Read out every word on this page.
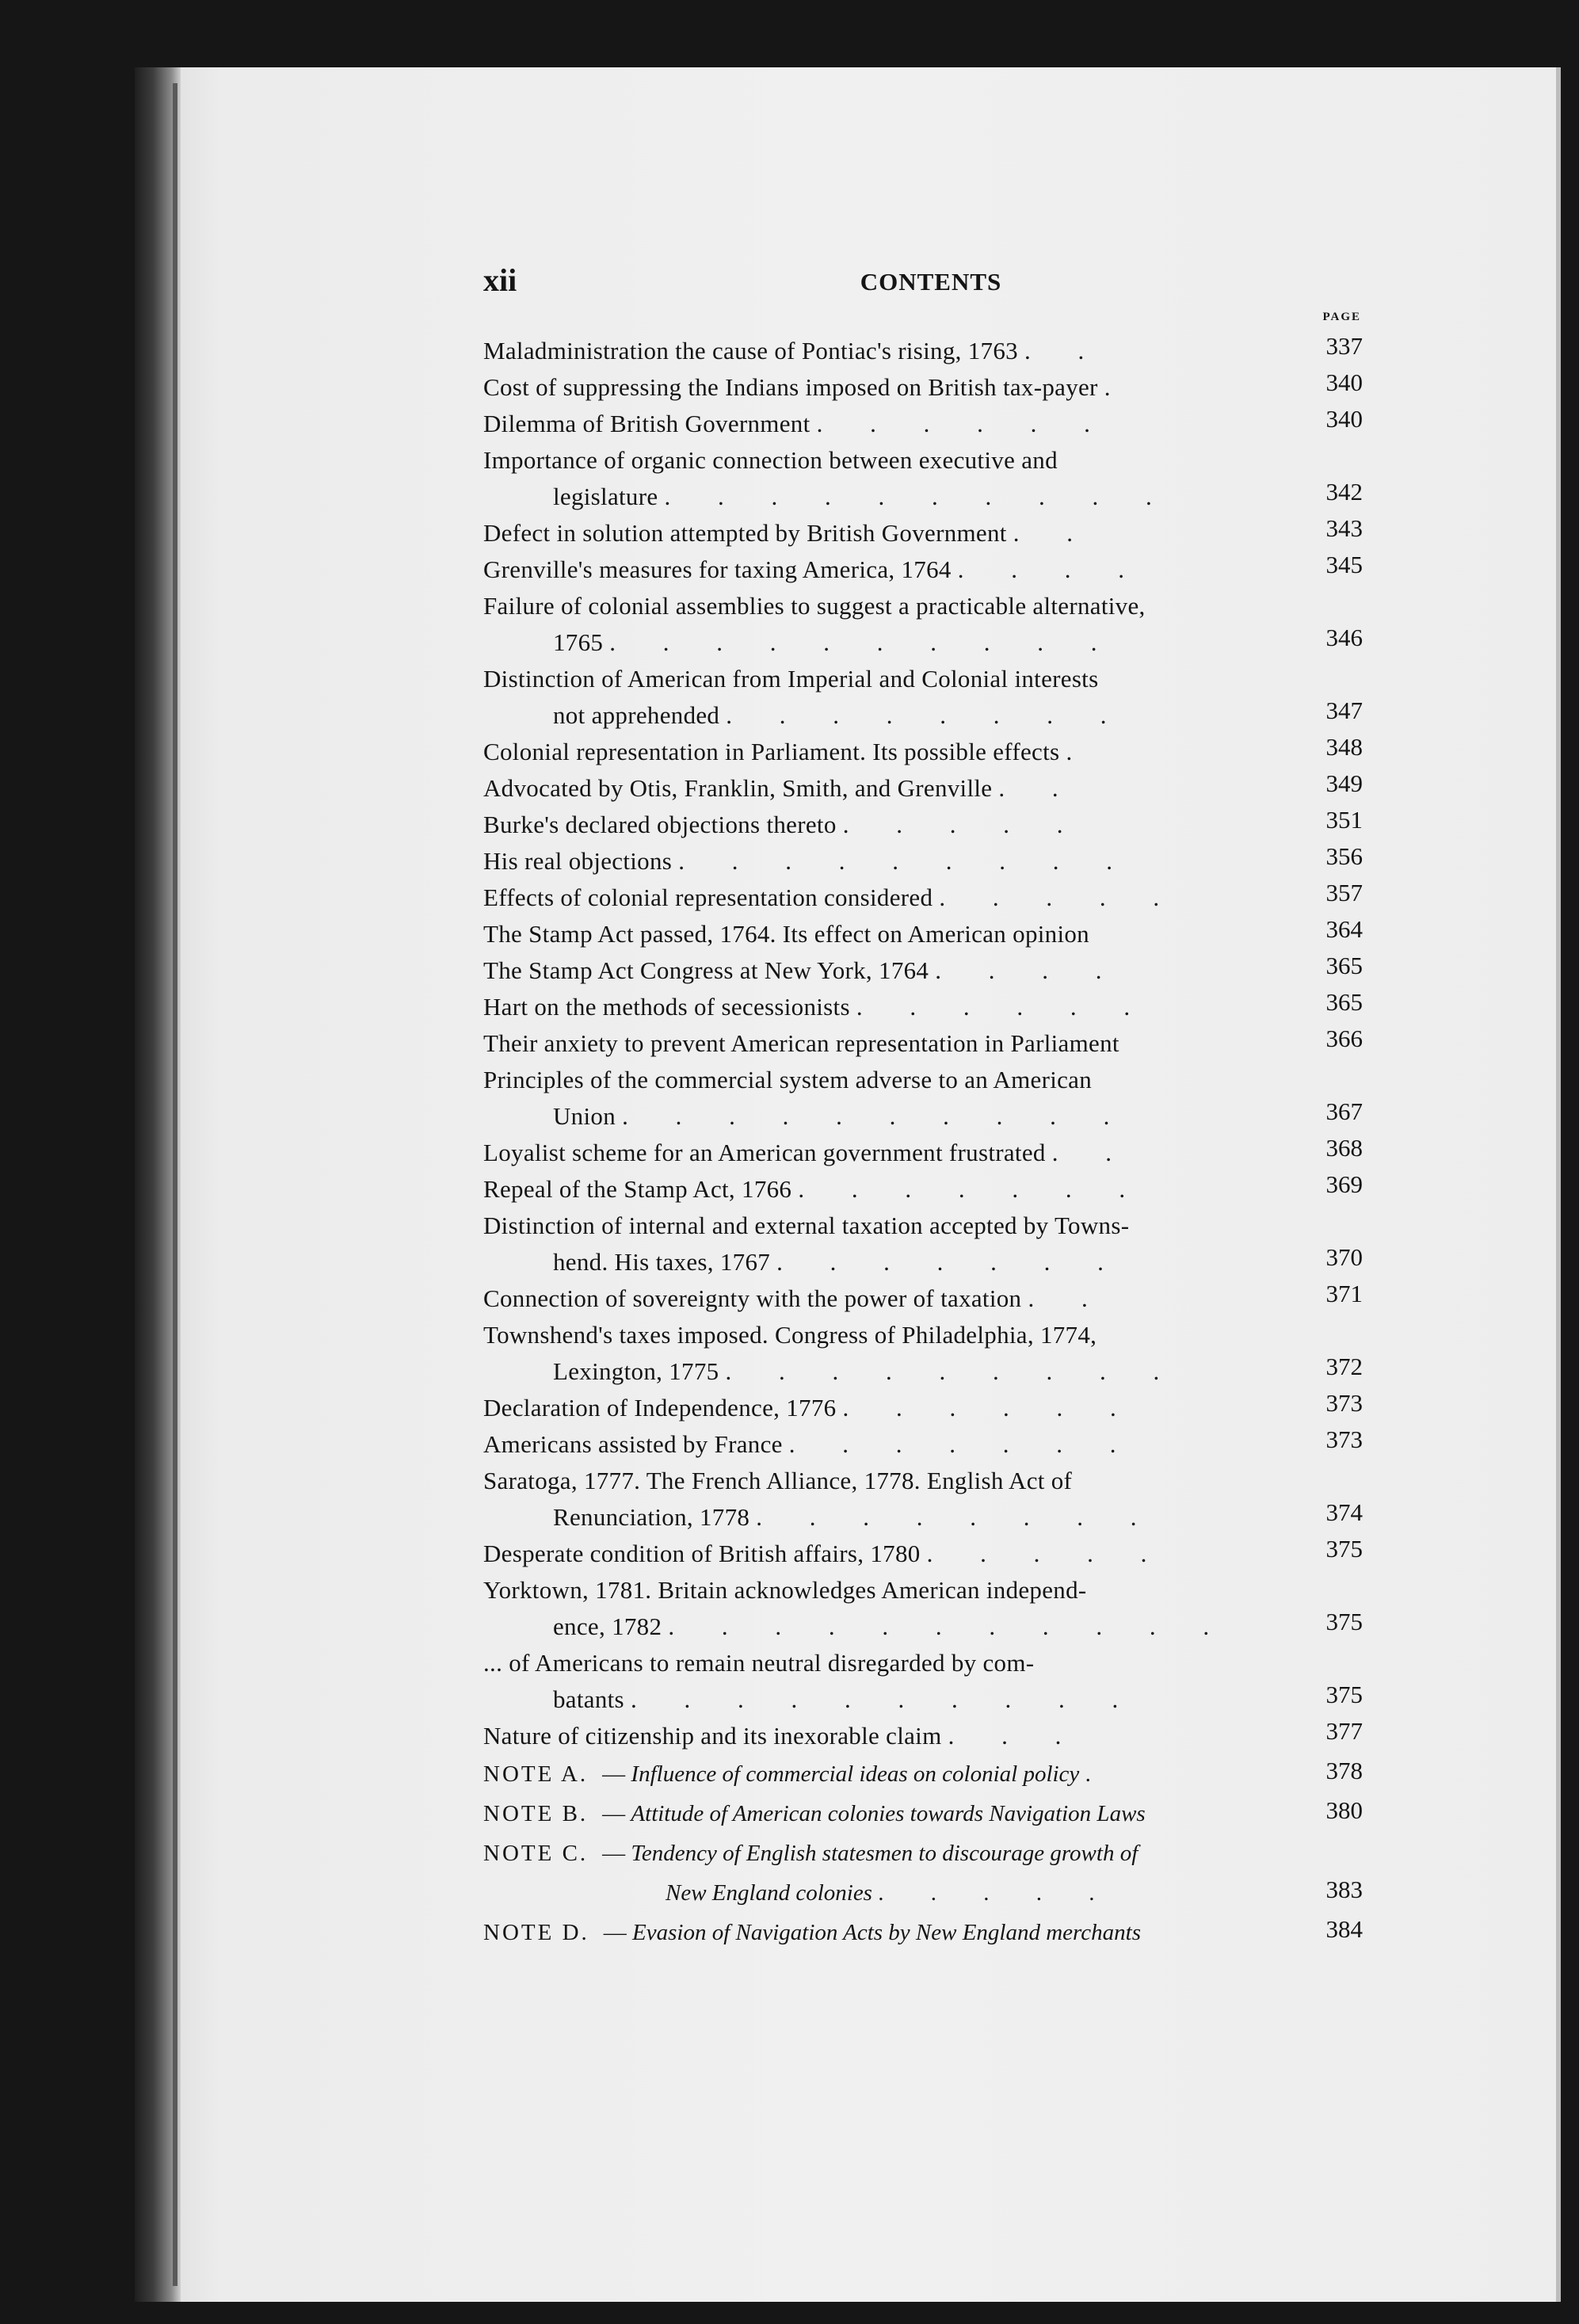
xii	CONTENTS
PAGE
Maladministration the cause of Pontiac's rising, 1763 . .	337
Cost of suppressing the Indians imposed on British tax-payer .	340
Dilemma of British Government . . . . . .	340
Importance of organic connection between executive and
legislature . . . . . . . . . .	342
Defect in solution attempted by British Government . .	343
Grenville's measures for taxing America, 1764 . . . .	345
Failure of colonial assemblies to suggest a practicable alternative,
1765 . . . . . . . . . .	346
Distinction of American from Imperial and Colonial interests
not apprehended . . . . . . . .	347
Colonial representation in Parliament. Its possible effects .	348
Advocated by Otis, Franklin, Smith, and Grenville . .	349
Burke's declared objections thereto . . . . .	351
His real objections . . . . . . . . .	356
Effects of colonial representation considered . . . . .	357
The Stamp Act passed, 1764. Its effect on American opinion	364
The Stamp Act Congress at New York, 1764 . . . .	365
Hart on the methods of secessionists . . . . . .	365
Their anxiety to prevent American representation in Parliament	366
Principles of the commercial system adverse to an American
Union . . . . . . . . . .	367
Loyalist scheme for an American government frustrated . .	368
Repeal of the Stamp Act, 1766 . . . . . . .	369
Distinction of internal and external taxation accepted by Towns-
hend. His taxes, 1767 . . . . . . .	370
Connection of sovereignty with the power of taxation . .	371
Townshend's taxes imposed. Congress of Philadelphia, 1774,
Lexington, 1775 . . . . . . . . .	372
Declaration of Independence, 1776 . . . . . .	373
Americans assisted by France . . . . . . .	373
Saratoga, 1777. The French Alliance, 1778. English Act of
Renunciation, 1778 . . . . . . . .	374
Desperate condition of British affairs, 1780 . . . . .	375
Yorktown, 1781. Britain acknowledges American independ-
ence, 1782 . . . . . . . . . . .	375
... of Americans to remain neutral disregarded by com-
batants . . . . . . . . . .	375
Nature of citizenship and its inexorable claim . . .	377
NOTE A. — Influence of commercial ideas on colonial policy .	378
NOTE B. — Attitude of American colonies towards Navigation Laws	380
NOTE C. — Tendency of English statesmen to discourage growth of
New England colonies . . . . .	383
NOTE D. — Evasion of Navigation Acts by New England merchants	384
